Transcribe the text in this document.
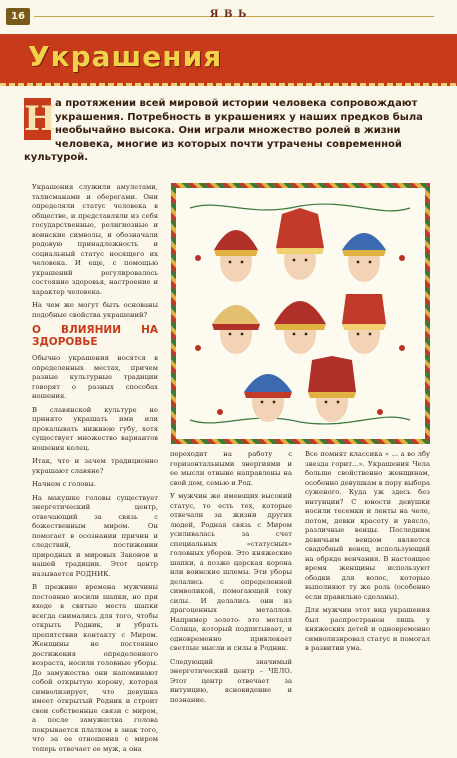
16	Я В Ь
Украшения
Н
а протяжении всей мировой истории человека сопровождают украшения. Потребность в украшениях у наших предков была необычайно высока. Они играли множество ролей в жизни человека, многие из которых почти утрачены современной культурой.

Украшения служили амулетами, талисманами и оберегами. Они определяли статус человека в обществе, и представляли из себя государственные, религиозные и воинские символы, и обозначали родовую принадлежность и социальный статус носящего их человека. И еще, с помощью украшений регулировалось состояние здоровья, настроение и характер человека.

На чем же могут быть основаны подобные свойства украшений?

О ВЛИЯНИИ НА ЗДОРОВЬЕ

Обычно украшения носятся в определенных местах, причем разные культурные традиции говорят о разных способах ношения.

В славянской культуре не принято украшать ими или прокалывать нижнюю губу, хотя существует множество вариантов ношения колец.

Итак, что и зачем традиционно украшают славяне?

Начнем с головы.

На макушке головы существует энергетический центр, отвечающий за связь с божественным миром. Он помогает в осознании причин и следствий, постижении природных и мировых Законов и нашей традиции. Этот центр называется РОДНИК.

В прежние времена мужчины постоянно носили шапки, но при входе в святые места шапки всегда снимались для того, чтобы открыть Родник, и убрать препятствия контакту с Миром. Женщины не постоянно достижения определенного возраста, носили головные уборы. До замужества они напоминают собой открытую корону, которая символизирует, что девушка имеет открытый Родник и строит свои собственные связи с миром, а после замужества голова покрывается платком в знак того, что за ее отношения с миром теперь отвечает ее муж, а она

переходит на работу с горизонтальными энергиями и ее мысли отныне направлены на свой дом, семью и Род.

У мужчин же имеющих высокий статус, то есть тех, которые отвечали за жизни других людей, Родная связь с Миром усиливалась за счет специальных «статусных» головных уборов. Это княжеские шапки, а позже царская корона или воинские шлемы. Эти уборы делались с определенной символикой, помогающей току силы. И делались они из драгоценных металлов. Например золото- это металл Солнца, который подпитывает, и одновременно привлекает светлые мысли и силы в Родник.

Следующий значимый энергетический центр – ЧЕЛО. Этот центр отвечает за интуицию, ясновидение и познание.

Все помнят классика « ... а во лбу звезда горит...». Украшения Чела больше свойственно женщинам, особенно девушкам в пору выбора суженого. Куда уж здесь без интуиции? С юности девушки носили тесемки и ленты на челе, потом, девки красоту и увясло, различные венцы. Последним девичьим венцом является свадебный венец, использующий на обряде венчания. В настоящее время женщины используют ободки для волос, которые выполняют ту же роль (особенно если правильно сделаны).

Для мужчин этот вид украшения был распространен лишь у княжеских детей и одновременно символизировал статус и помогал в развитии ума.
